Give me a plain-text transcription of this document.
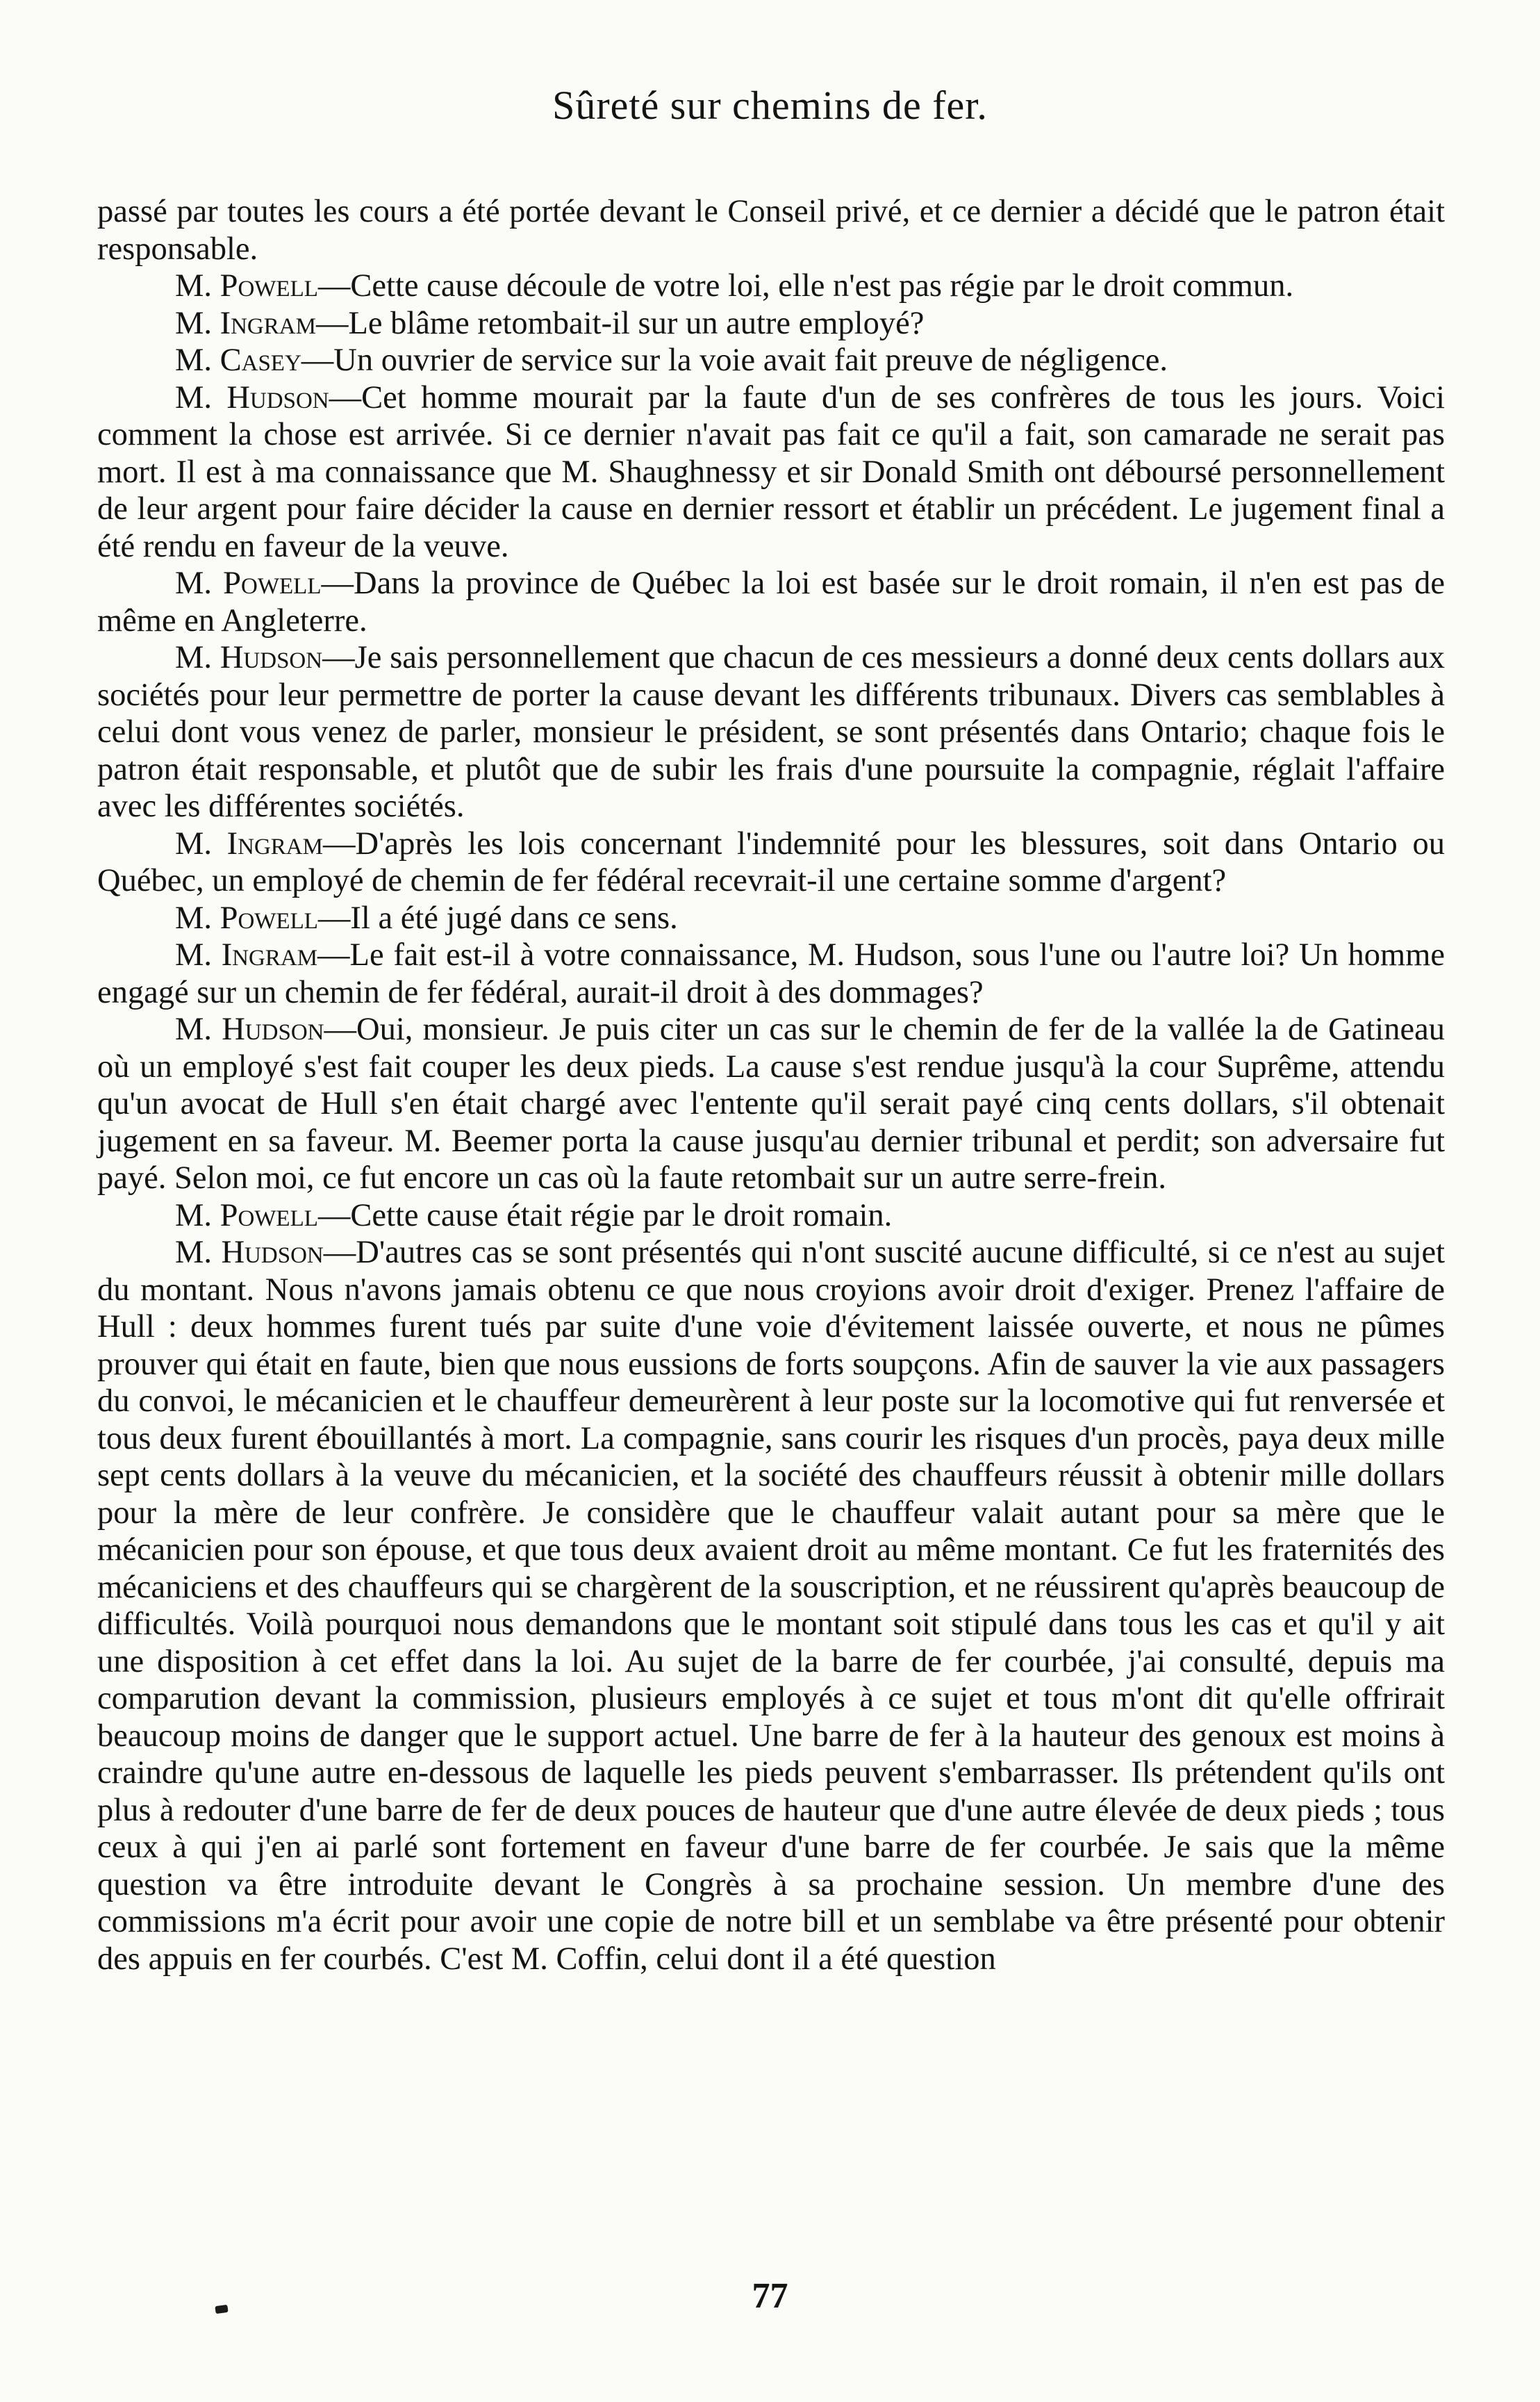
Sûreté sur chemins de fer.

passé par toutes les cours a été portée devant le Conseil privé, et ce dernier a décidé que le patron était responsable.

M. Powell—Cette cause découle de votre loi, elle n'est pas régie par le droit commun.

M. Ingram—Le blâme retombait-il sur un autre employé?

M. Casey—Un ouvrier de service sur la voie avait fait preuve de négligence.

M. Hudson—Cet homme mourait par la faute d'un de ses confrères de tous les jours. Voici comment la chose est arrivée. Si ce dernier n'avait pas fait ce qu'il a fait, son camarade ne serait pas mort. Il est à ma connaissance que M. Shaughnessy et sir Donald Smith ont déboursé personnellement de leur argent pour faire décider la cause en dernier ressort et établir un précédent. Le jugement final a été rendu en faveur de la veuve.

M. Powell—Dans la province de Québec la loi est basée sur le droit romain, il n'en est pas de même en Angleterre.

M. Hudson—Je sais personnellement que chacun de ces messieurs a donné deux cents dollars aux sociétés pour leur permettre de porter la cause devant les différents tribunaux. Divers cas semblables à celui dont vous venez de parler, monsieur le président, se sont présentés dans Ontario; chaque fois le patron était responsable, et plutôt que de subir les frais d'une poursuite la compagnie, réglait l'affaire avec les différentes sociétés.

M. Ingram—D'après les lois concernant l'indemnité pour les blessures, soit dans Ontario ou Québec, un employé de chemin de fer fédéral recevrait-il une certaine somme d'argent?

M. Powell—Il a été jugé dans ce sens.

M. Ingram—Le fait est-il à votre connaissance, M. Hudson, sous l'une ou l'autre loi? Un homme engagé sur un chemin de fer fédéral, aurait-il droit à des dommages?

M. Hudson—Oui, monsieur. Je puis citer un cas sur le chemin de fer de la vallée la de Gatineau où un employé s'est fait couper les deux pieds. La cause s'est rendue jusqu'à la cour Suprême, attendu qu'un avocat de Hull s'en était chargé avec l'entente qu'il serait payé cinq cents dollars, s'il obtenait jugement en sa faveur. M. Beemer porta la cause jusqu'au dernier tribunal et perdit; son adversaire fut payé. Selon moi, ce fut encore un cas où la faute retombait sur un autre serre-frein.

M. Powell—Cette cause était régie par le droit romain.

M. Hudson—D'autres cas se sont présentés qui n'ont suscité aucune difficulté, si ce n'est au sujet du montant. Nous n'avons jamais obtenu ce que nous croyions avoir droit d'exiger. Prenez l'affaire de Hull : deux hommes furent tués par suite d'une voie d'évitement laissée ouverte, et nous ne pûmes prouver qui était en faute, bien que nous eussions de forts soupçons. Afin de sauver la vie aux passagers du convoi, le mécanicien et le chauffeur demeurèrent à leur poste sur la locomotive qui fut renversée et tous deux furent ébouillantés à mort. La compagnie, sans courir les risques d'un procès, paya deux mille sept cents dollars à la veuve du mécanicien, et la société des chauffeurs réussit à obtenir mille dollars pour la mère de leur confrère. Je considère que le chauffeur valait autant pour sa mère que le mécanicien pour son épouse, et que tous deux avaient droit au même montant. Ce fut les fraternités des mécaniciens et des chauffeurs qui se chargèrent de la souscription, et ne réussirent qu'après beaucoup de difficultés. Voilà pourquoi nous demandons que le montant soit stipulé dans tous les cas et qu'il y ait une disposition à cet effet dans la loi. Au sujet de la barre de fer courbée, j'ai consulté, depuis ma comparution devant la commission, plusieurs employés à ce sujet et tous m'ont dit qu'elle offrirait beaucoup moins de danger que le support actuel. Une barre de fer à la hauteur des genoux est moins à craindre qu'une autre en-dessous de laquelle les pieds peuvent s'embarrasser. Ils prétendent qu'ils ont plus à redouter d'une barre de fer de deux pouces de hauteur que d'une autre élevée de deux pieds ; tous ceux à qui j'en ai parlé sont fortement en faveur d'une barre de fer courbée. Je sais que la même question va être introduite devant le Congrès à sa prochaine session. Un membre d'une des commissions m'a écrit pour avoir une copie de notre bill et un semblabe va être présenté pour obtenir des appuis en fer courbés. C'est M. Coffin, celui dont il a été question

77
